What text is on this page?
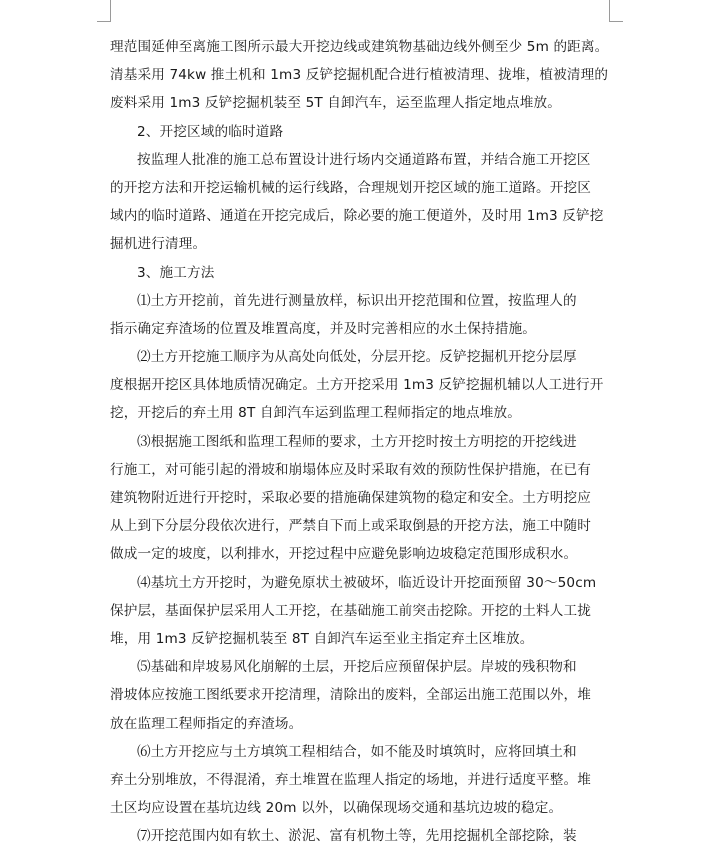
理范围延伸至离施工图所示最大开挖边线或建筑物基础边线外侧至少 5m 的距离。
清基采用 74kw 推土机和 1m3 反铲挖掘机配合进行植被清理、拢堆，植被清理的
废料采用 1m3 反铲挖掘机装至 5T 自卸汽车，运至监理人指定地点堆放。
2、开挖区域的临时道路
按监理人批准的施工总布置设计进行场内交通道路布置，并结合施工开挖区
的开挖方法和开挖运输机械的运行线路，合理规划开挖区域的施工道路。开挖区
域内的临时道路、通道在开挖完成后，除必要的施工便道外，及时用 1m3 反铲挖
掘机进行清理。
3、施工方法
⑴土方开挖前，首先进行测量放样，标识出开挖范围和位置，按监理人的
指示确定弃渣场的位置及堆置高度，并及时完善相应的水土保持措施。
⑵土方开挖施工顺序为从高处向低处，分层开挖。反铲挖掘机开挖分层厚
度根据开挖区具体地质情况确定。土方开挖采用 1m3 反铲挖掘机辅以人工进行开
挖，开挖后的弃土用 8T 自卸汽车运到监理工程师指定的地点堆放。
⑶根据施工图纸和监理工程师的要求，土方开挖时按土方明挖的开挖线进
行施工，对可能引起的滑坡和崩塌体应及时采取有效的预防性保护措施，在已有
建筑物附近进行开挖时，采取必要的措施确保建筑物的稳定和安全。土方明挖应
从上到下分层分段依次进行，严禁自下而上或采取倒悬的开挖方法，施工中随时
做成一定的坡度，以利排水，开挖过程中应避免影响边坡稳定范围形成积水。
⑷基坑土方开挖时，为避免原状土被破坏，临近设计开挖面预留 30～50cm
保护层，基面保护层采用人工开挖，在基础施工前突击挖除。开挖的土料人工拢
堆，用 1m3 反铲挖掘机装至 8T 自卸汽车运至业主指定弃土区堆放。
⑸基础和岸坡易风化崩解的土层，开挖后应预留保护层。岸坡的残积物和
滑坡体应按施工图纸要求开挖清理，清除出的废料，全部运出施工范围以外，堆
放在监理工程师指定的弃渣场。
⑹土方开挖应与土方填筑工程相结合，如不能及时填筑时，应将回填土和
弃土分别堆放，不得混淆，弃土堆置在监理人指定的场地，并进行适度平整。堆
土区均应设置在基坑边线 20m 以外，以确保现场交通和基坑边坡的稳定。
⑺开挖范围内如有软土、淤泥、富有机物土等，先用挖掘机全部挖除，装
